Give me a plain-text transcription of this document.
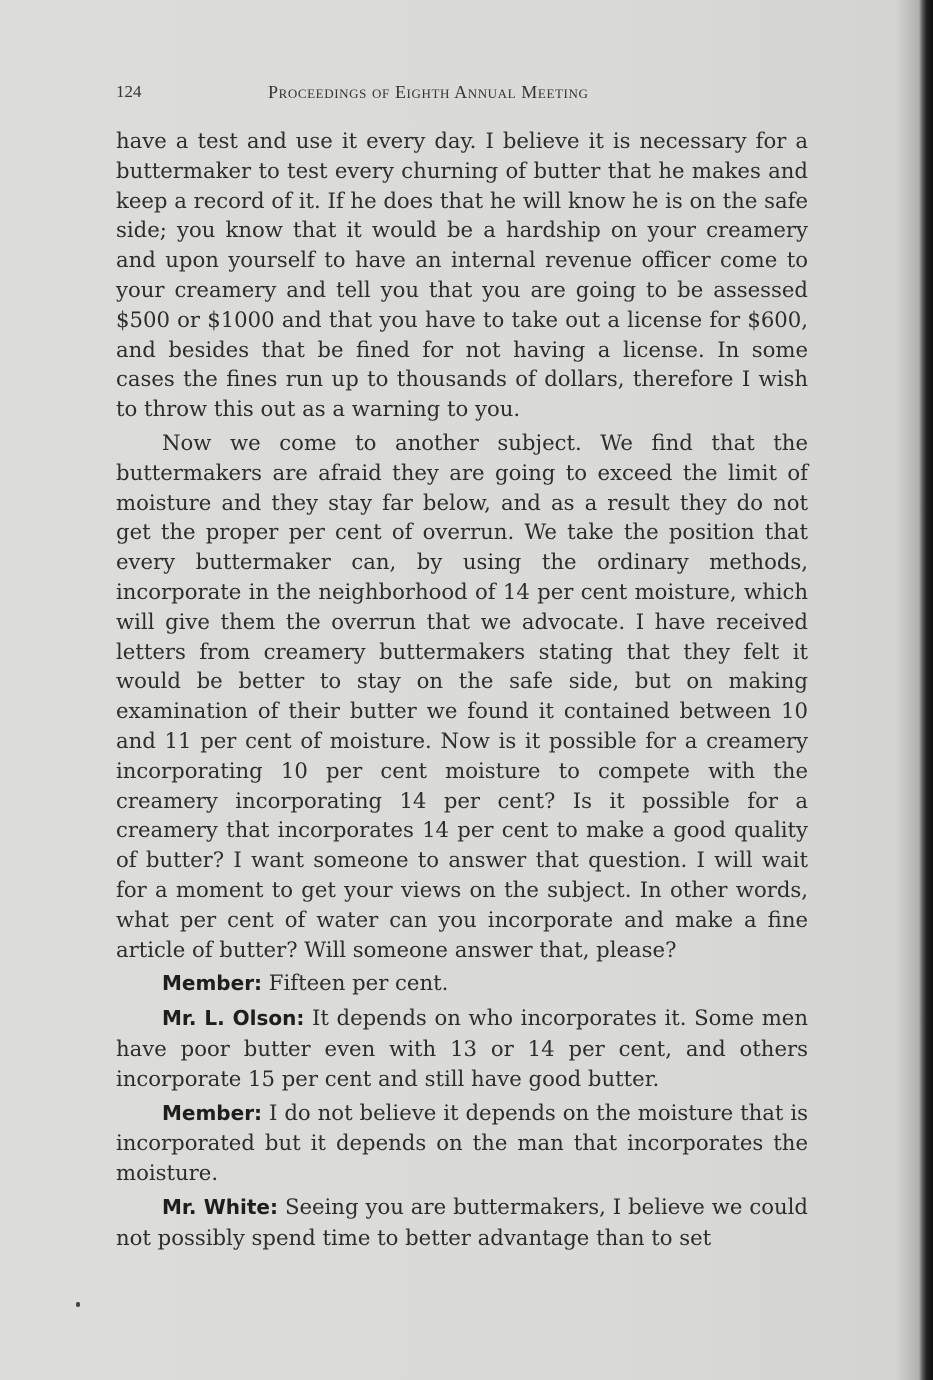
124	Proceedings of Eighth Annual Meeting

have a test and use it every day. I believe it is necessary for a buttermaker to test every churning of butter that he makes and keep a record of it. If he does that he will know he is on the safe side; you know that it would be a hardship on your creamery and upon yourself to have an internal revenue officer come to your creamery and tell you that you are going to be assessed $500 or $1000 and that you have to take out a license for $600, and besides that be fined for not having a license. In some cases the fines run up to thousands of dollars, therefore I wish to throw this out as a warning to you.

Now we come to another subject. We find that the buttermakers are afraid they are going to exceed the limit of moisture and they stay far below, and as a result they do not get the proper per cent of overrun. We take the position that every buttermaker can, by using the ordinary methods, incorporate in the neighborhood of 14 per cent moisture, which will give them the overrun that we advocate. I have received letters from creamery buttermakers stating that they felt it would be better to stay on the safe side, but on making examination of their butter we found it contained between 10 and 11 per cent of moisture. Now is it possible for a creamery incorporating 10 per cent moisture to compete with the creamery incorporating 14 per cent? Is it possible for a creamery that incorporates 14 per cent to make a good quality of butter? I want someone to answer that question. I will wait for a moment to get your views on the subject. In other words, what per cent of water can you incorporate and make a fine article of butter? Will someone answer that, please?

Member: Fifteen per cent.

Mr. L. Olson: It depends on who incorporates it. Some men have poor butter even with 13 or 14 per cent, and others incorporate 15 per cent and still have good butter.

Member: I do not believe it depends on the moisture that is incorporated but it depends on the man that incorporates the moisture.

Mr. White: Seeing you are buttermakers, I believe we could not possibly spend time to better advantage than to set
